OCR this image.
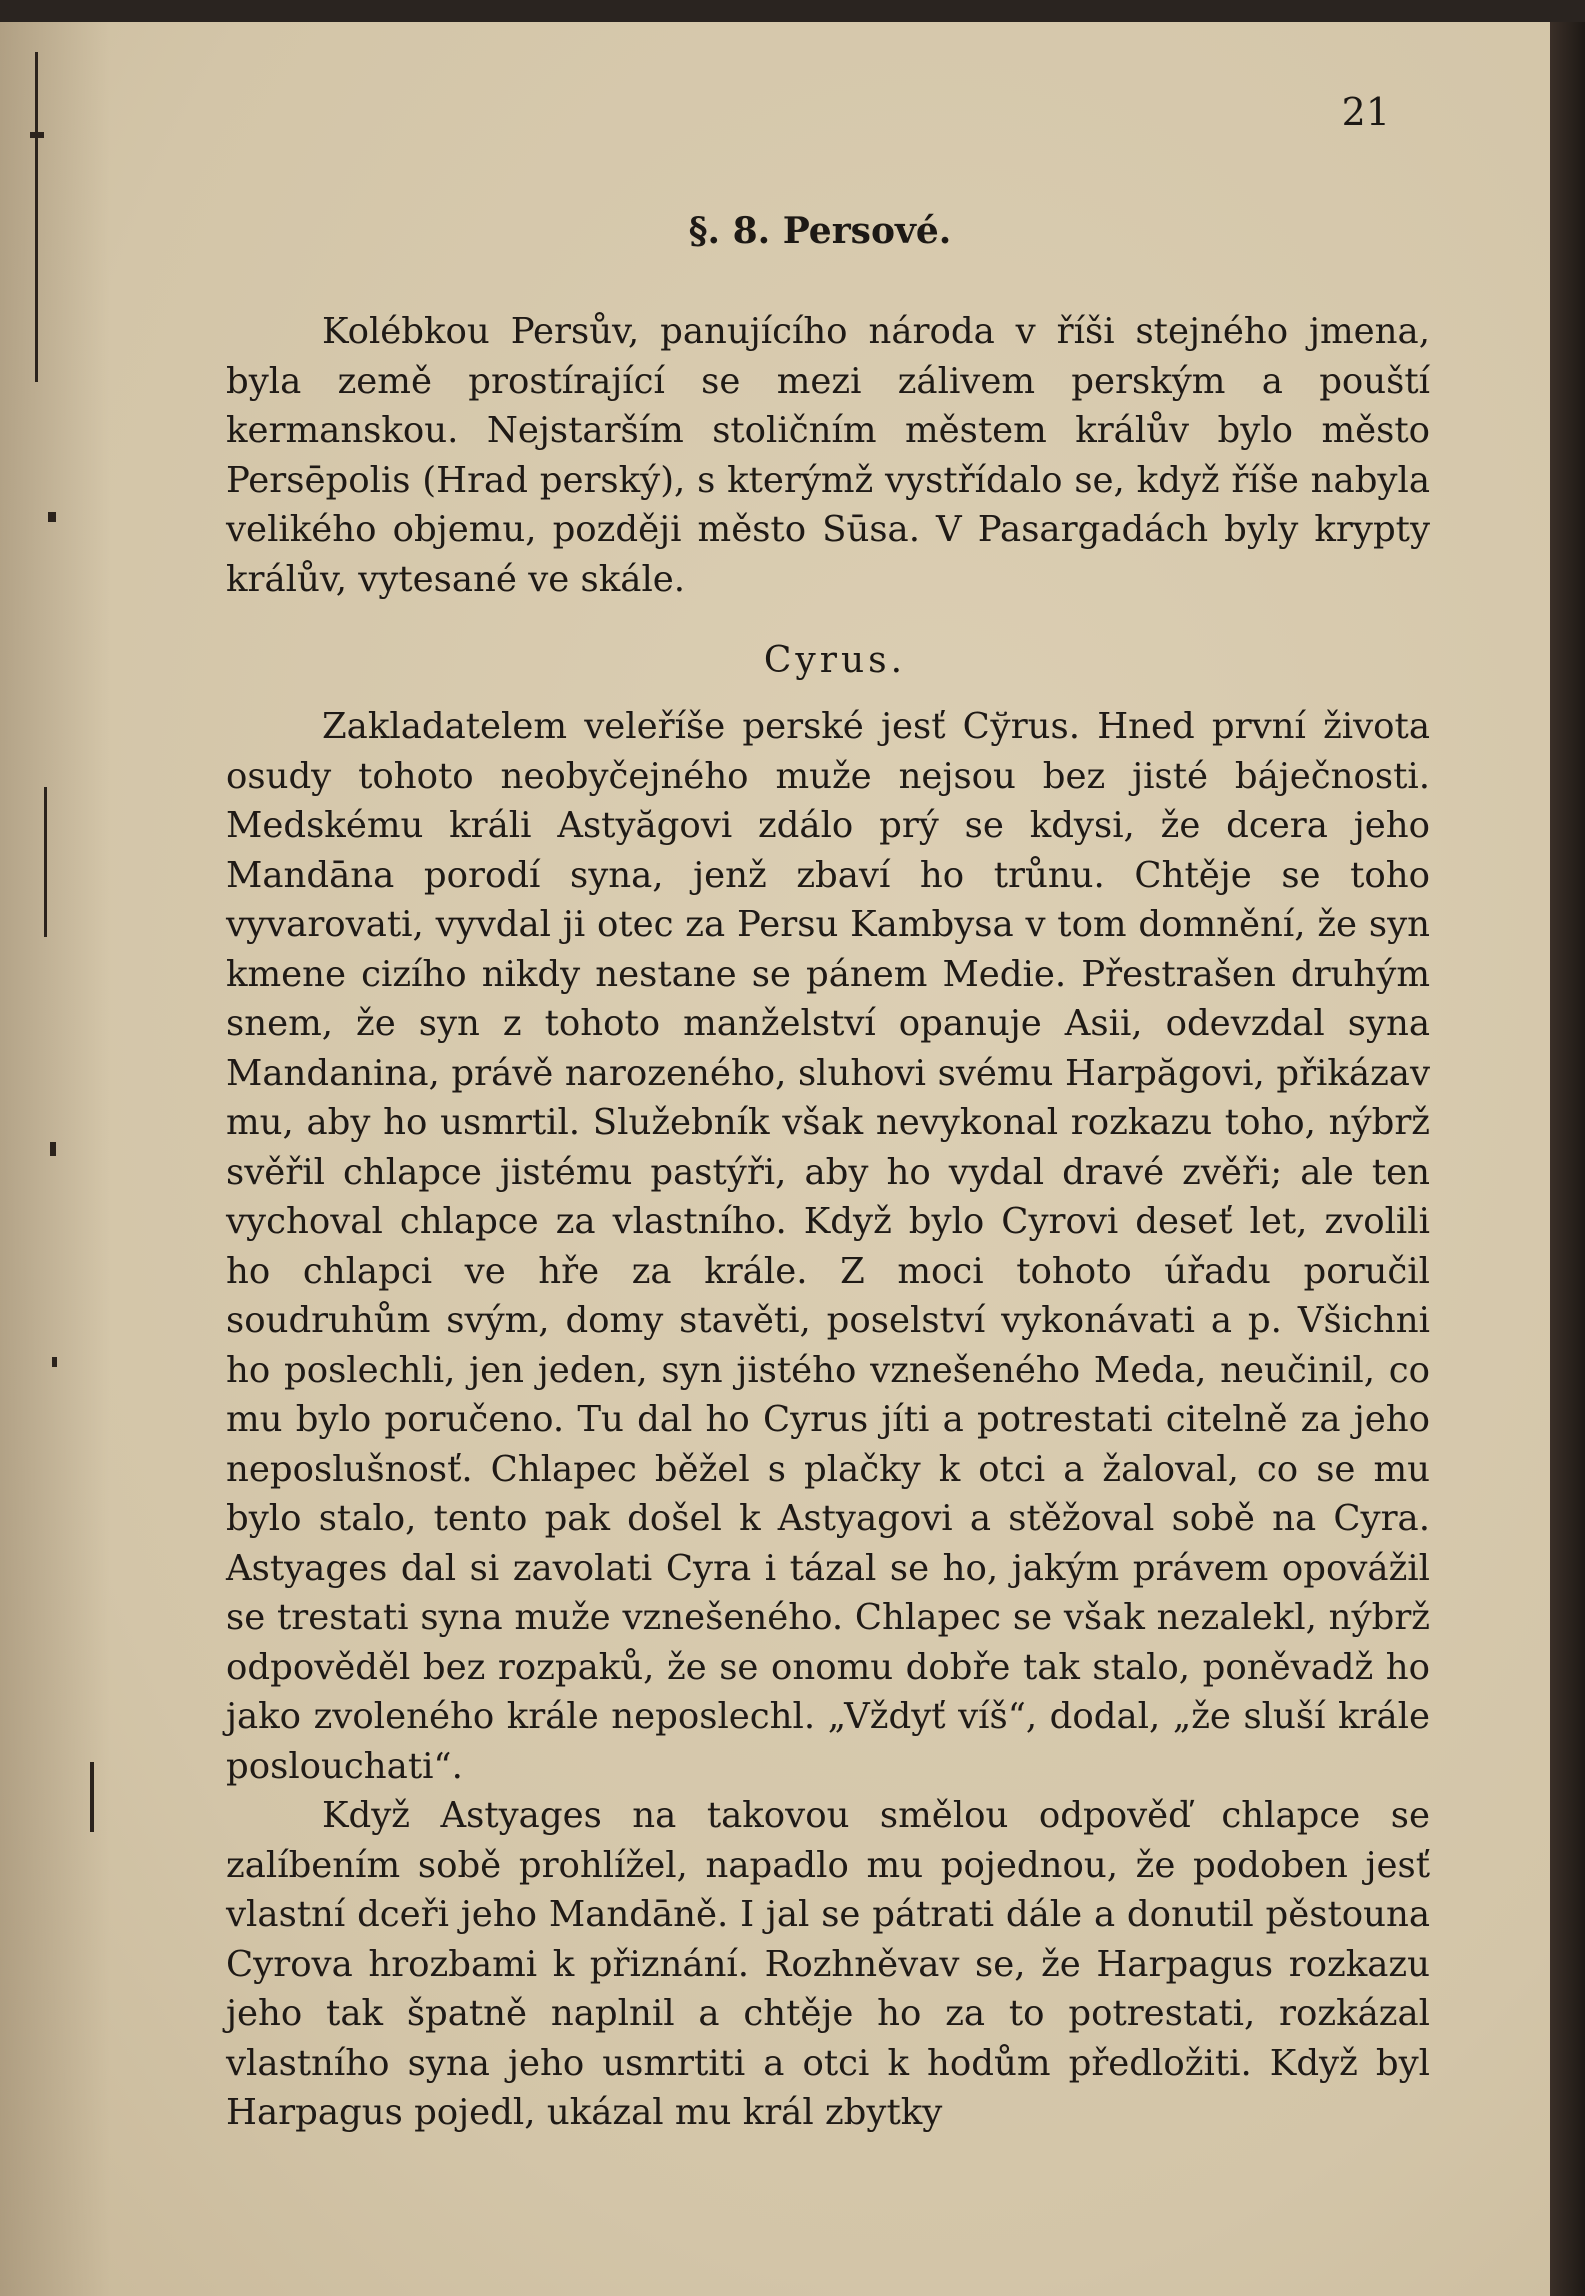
21
§. 8. Persové.

Kolébkou Persův, panujícího národa v říši stejného jmena, byla země prostírající se mezi zálivem perským a pouští kermanskou. Nejstarším stoličním městem králův bylo město Persēpolis (Hrad perský), s kterýmž vystřídalo se, když říše nabyla velikého objemu, později město Sūsa. V Pasargadách byly krypty králův, vytesané ve skále.

Cyrus.

Zakladatelem veleříše perské jesť Cўrus. Hned první života osudy tohoto neobyčejného muže nejsou bez jisté báječnosti. Medskému králi Astyăgovi zdálo prý se kdysi, že dcera jeho Mandāna porodí syna, jenž zbaví ho trůnu. Chtěje se toho vyvarovati, vyvdal ji otec za Persu Kambysa v tom domnění, že syn kmene cizího nikdy nestane se pánem Medie. Přestrašen druhým snem, že syn z tohoto manželství opanuje Asii, odevzdal syna Mandanina, právě narozeného, sluhovi svému Harpăgovi, přikázav mu, aby ho usmrtil. Služebník však nevykonal rozkazu toho, nýbrž svěřil chlapce jistému pastýři, aby ho vydal dravé zvěři; ale ten vychoval chlapce za vlastního. Když bylo Cyrovi deseť let, zvolili ho chlapci ve hře za krále. Z moci tohoto úřadu poručil soudruhům svým, domy stavěti, poselství vykonávati a p. Všichni ho poslechli, jen jeden, syn jistého vznešeného Meda, neučinil, co mu bylo poručeno. Tu dal ho Cyrus jíti a potrestati citelně za jeho neposlušnosť. Chlapec běžel s plačky k otci a žaloval, co se mu bylo stalo, tento pak došel k Astyagovi a stěžoval sobě na Cyra. Astyages dal si zavolati Cyra i tázal se ho, jakým právem opovážil se trestati syna muže vznešeného. Chlapec se však nezalekl, nýbrž odpověděl bez rozpaků, že se onomu dobře tak stalo, poněvadž ho jako zvoleného krále neposlechl. „Vždyť víš“, dodal, „že sluší krále poslouchati“.

Když Astyages na takovou smělou odpověď chlapce se zalíbením sobě prohlížel, napadlo mu pojednou, že podoben jesť vlastní dceři jeho Mandāně. I jal se pátrati dále a donutil pěstouna Cyrova hrozbami k přiznání. Rozhněvav se, že Harpagus rozkazu jeho tak špatně naplnil a chtěje ho za to potrestati, rozkázal vlastního syna jeho usmrtiti a otci k hodům předložiti. Když byl Harpagus pojedl, ukázal mu král zbytky
